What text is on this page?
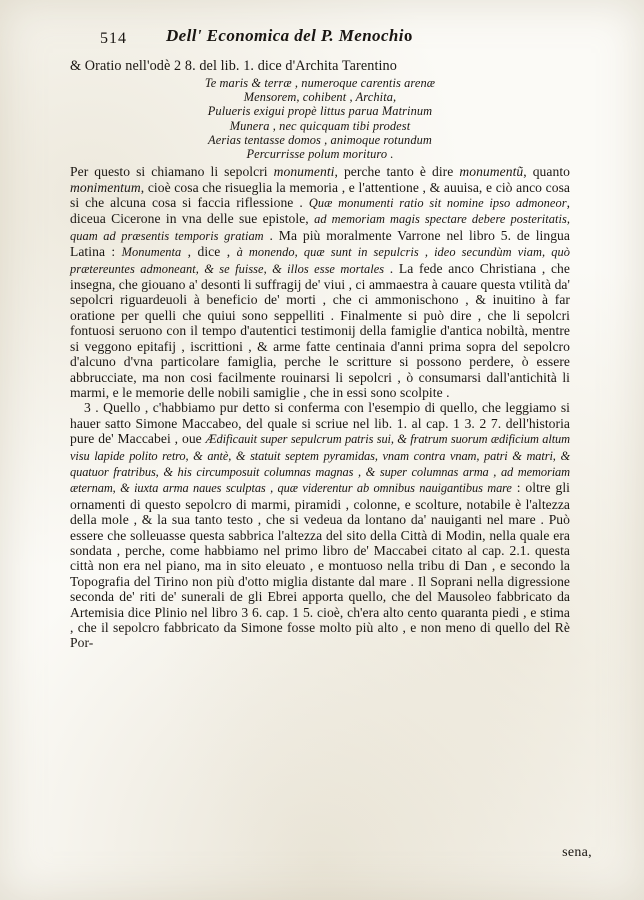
514 Dell' Economica del P. Menochio

& Oratio nell'odè 2 8. del lib. 1. dice d'Archita Tarentino

Te maris & terræ , numeroque carentis arenæ
Mensorem, cohibent , Archita,
Pulueris exigui propè littus parua Matrinum
Munera , nec quicquam tibi prodest
Aerias tentasse domos , animoque rotundum
Percurrisse polum morituro .

Per questo si chiamano li sepolcri monumenti, perche tanto è dire monumentũ, quanto monimentum, cioè cosa che risueglia la memoria , e l'attentione , & auuisa, e ciò anco cosa si che alcuna cosa si faccia riflessione . Quæ monumenti ratio sit nomine ipso admoneor, diceua Cicerone in vna delle sue epistole, ad memoriam magis spectare debere posteritatis, quam ad præsentis temporis gratiam . Ma più moralmente Varrone nel libro 5. de lingua Latina : Monumenta , dice , à monendo, quæ sunt in sepulcris , ideo secundùm viam, quò prætereuntes admoneant, & se fuisse, & illos esse mortales . La fede anco Christiana , che insegna, che giouano a' desonti li suffragij de' viui , ci ammaestra à cauare questa vtilità da' sepolcri riguardeuoli à beneficio de' morti , che ci ammonischono , & inuitino à far oratione per quelli che quiui sono seppelliti . Finalmente si può dire , che li sepolcri fontuosi seruono con il tempo d'autentici testimonij della famiglie d'antica nobiltà, mentre si veggono epitafij , iscrittioni , & arme fatte centinaia d'anni prima sopra del sepolcro d'alcuno d'vna particolare famiglia, perche le scritture si possono perdere, ò essere abbrucciate, ma non cosi facilmente rouinarsi li sepolcri , ò consumarsi dall'antichità li marmi, e le memorie delle nobili samiglie , che in essi sono scolpite .

3 . Quello , c'habbiamo pur detto si conferma con l'esempio di quello, che leggiamo si hauer satto Simone Maccabeo, del quale si scriue nel lib. 1. al cap. 1 3. 2 7. dell'historia pure de' Maccabei , oue Ædificauit super sepulcrum patris sui, & fratrum suorum ædificium altum visu lapide polito retro, & antè, & statuit septem pyramidas, vnam contra vnam, patri & matri, & quatuor fratribus, & his circumposuit columnas magnas , & super columnas arma , ad memoriam æternam, & iuxta arma naues sculptas , quæ viderentur ab omnibus nauigantibus mare : oltre gli ornamenti di questo sepolcro di marmi, piramidi , colonne, e scolture, notabile è l'altezza della mole , & la sua tanto testo , che si vedeua da lontano da' nauiganti nel mare . Può essere che solleuasse questa sabbrica l'altezza del sito della Città di Modin, nella quale era sondata , perche, come habbiamo nel primo libro de' Maccabei citato al cap. 2.1. questa città non era nel piano, ma in sito eleuato , e montuoso nella tribu di Dan , e secondo la Topografia del Tirino non più d'otto miglia distante dal mare . Il Soprani nella digressione seconda de' riti de' sunerali de gli Ebrei apporta quello, che del Mausoleo fabbricato da Artemisia dice Plinio nel libro 3 6. cap. 1 5. cioè, ch'era alto cento quaranta piedi , e stima , che il sepolcro fabbricato da Simone fosse molto più alto , e non meno di quello del Rè Por-

sena,
